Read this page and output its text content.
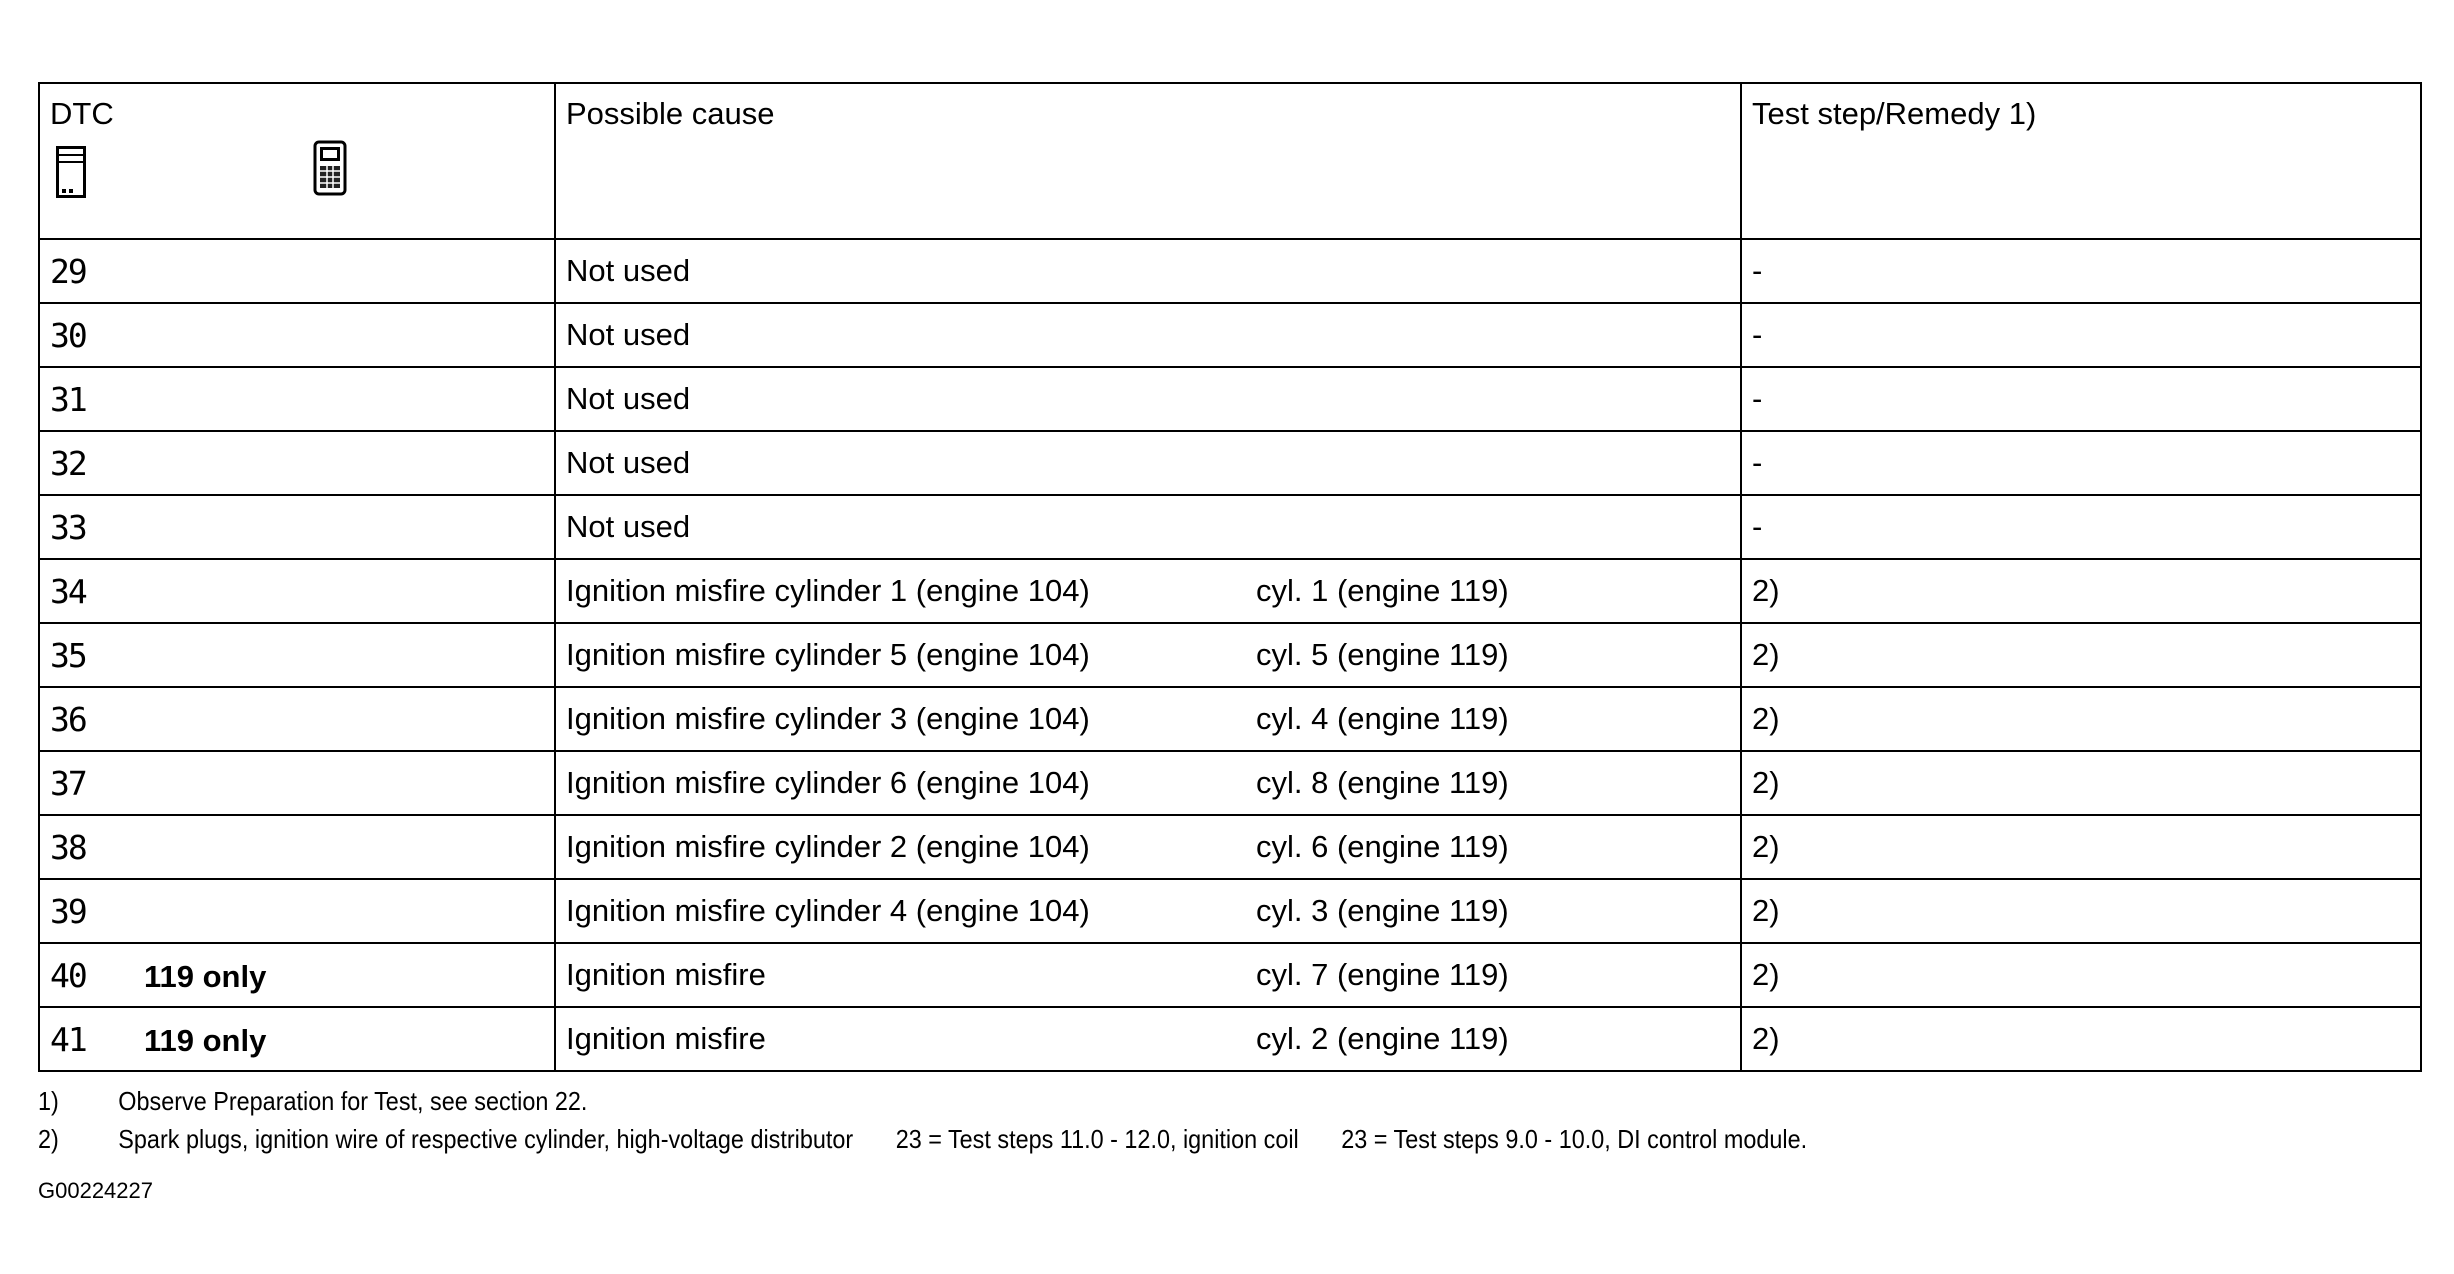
DTC	Possible cause	Test step/Remedy 1)
29	Not used	-
30	Not used	-
31	Not used	-
32	Not used	-
33	Not used	-
34	Ignition misfire cylinder 1 (engine 104) cyl. 1 (engine 119)	2)
35	Ignition misfire cylinder 5 (engine 104) cyl. 5 (engine 119)	2)
36	Ignition misfire cylinder 3 (engine 104) cyl. 4 (engine 119)	2)
37	Ignition misfire cylinder 6 (engine 104) cyl. 8 (engine 119)	2)
38	Ignition misfire cylinder 2 (engine 104) cyl. 6 (engine 119)	2)
39	Ignition misfire cylinder 4 (engine 104) cyl. 3 (engine 119)	2)
40 119 only	Ignition misfire cyl. 7 (engine 119)	2)
41 119 only	Ignition misfire cyl. 2 (engine 119)	2)
1) Observe Preparation for Test, see section 22.
2) Spark plugs, ignition wire of respective cylinder, high-voltage distributor 23 = Test steps 11.0 - 12.0, ignition coil 23 = Test steps 9.0 - 10.0, DI control module.
G00224227
